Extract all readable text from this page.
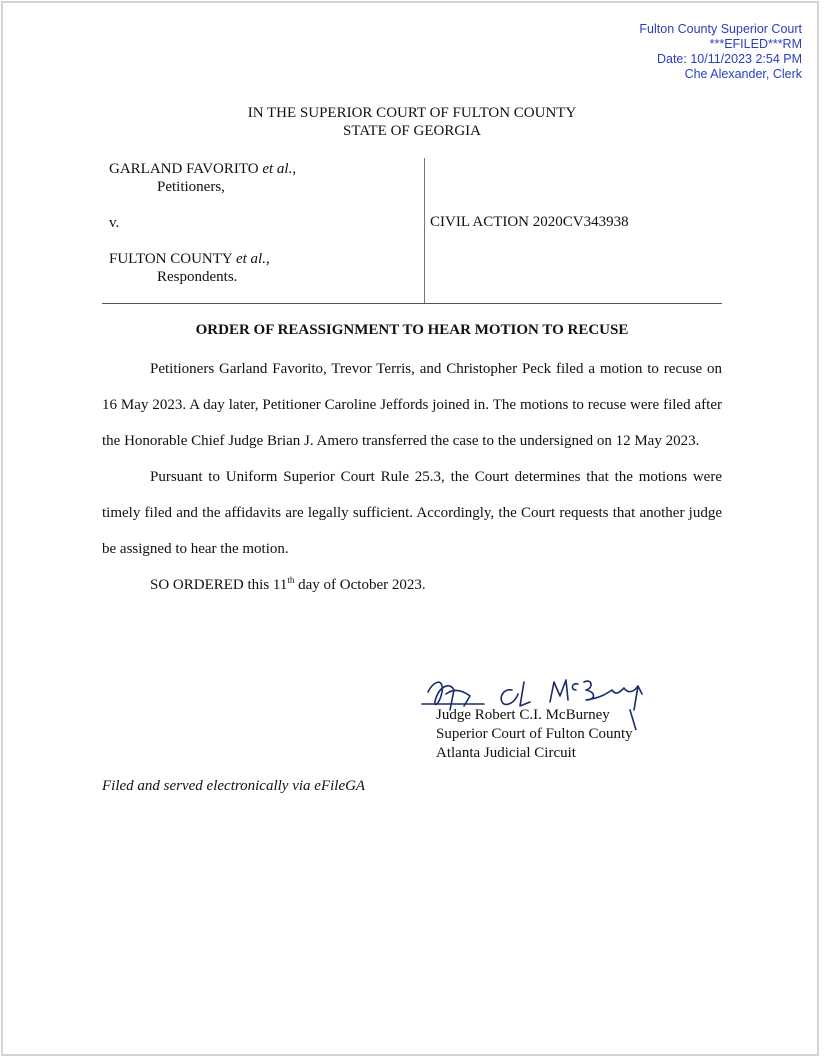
Fulton County Superior Court
***EFILED***RM
Date: 10/11/2023 2:54 PM
Che Alexander, Clerk
IN THE SUPERIOR COURT OF FULTON COUNTY
STATE OF GEORGIA
GARLAND FAVORITO et al.,
Petitioners,
v.
FULTON COUNTY et al.,
Respondents.
CIVIL ACTION 2020CV343938
ORDER OF REASSIGNMENT TO HEAR MOTION TO RECUSE

Petitioners Garland Favorito, Trevor Terris, and Christopher Peck filed a motion to recuse on 16 May 2023. A day later, Petitioner Caroline Jeffords joined in. The motions to recuse were filed after the Honorable Chief Judge Brian J. Amero transferred the case to the undersigned on 12 May 2023.

Pursuant to Uniform Superior Court Rule 25.3, the Court determines that the motions were timely filed and the affidavits are legally sufficient. Accordingly, the Court requests that another judge be assigned to hear the motion.

SO ORDERED this 11th day of October 2023.

Judge Robert C.I. McBurney
Superior Court of Fulton County
Atlanta Judicial Circuit
Filed and served electronically via eFileGA
